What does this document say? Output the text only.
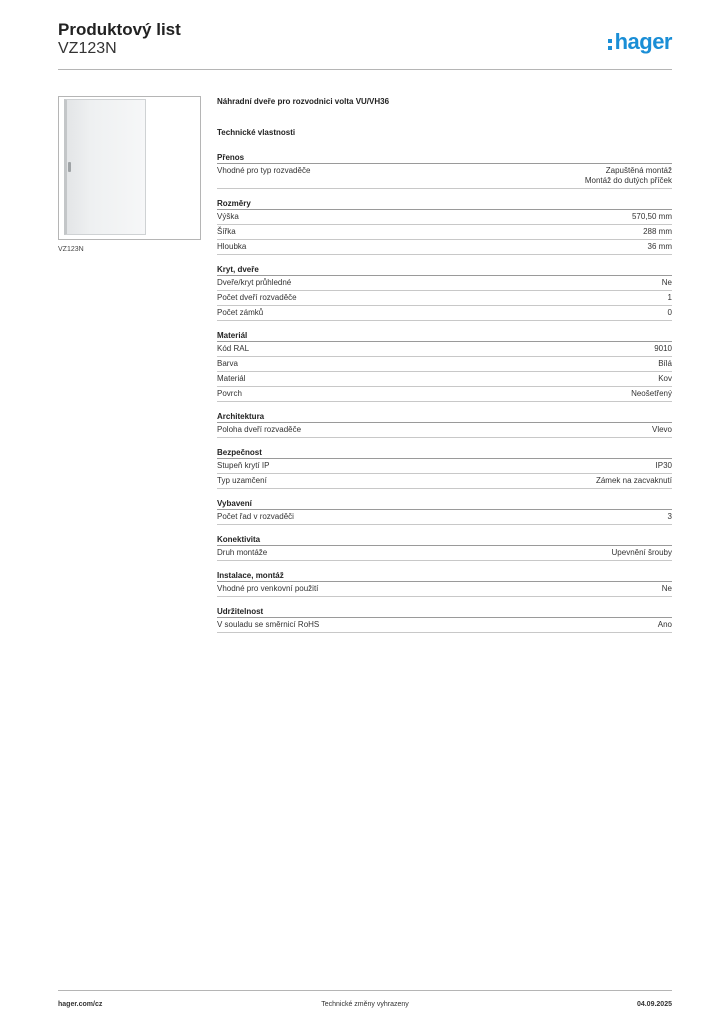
Produktový list
VZ123N	hager
VZ123N
Náhradní dveře pro rozvodnici volta VU/VH36
Technické vlastnosti
Přenos
Vhodné pro typ rozvaděče	Zapuštěná montáž
Montáž do dutých příček
Rozměry
Výška	570,50 mm
Šířka	288 mm
Hloubka	36 mm
Kryt, dveře
Dveře/kryt průhledné	Ne
Počet dveří rozvaděče	1
Počet zámků	0
Materiál
Kód RAL	9010
Barva	Bílá
Materiál	Kov
Povrch	Neošetřený
Architektura
Poloha dveří rozvaděče	Vlevo
Bezpečnost
Stupeň krytí IP	IP30
Typ uzamčení	Zámek na zacvaknutí
Vybavení
Počet řad v rozvaděči	3
Konektivita
Druh montáže	Upevnění šrouby
Instalace, montáž
Vhodné pro venkovní použití	Ne
Udržitelnost
V souladu se směrnicí RoHS	Ano
hager.com/cz	Technické změny vyhrazeny	04.09.2025
